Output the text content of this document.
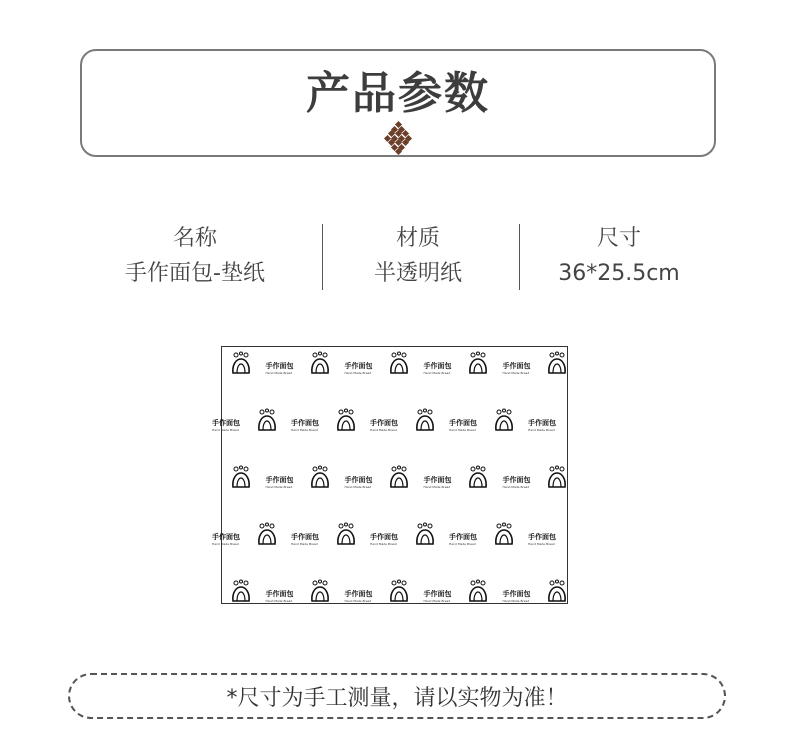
产品参数
名称
手作面包-垫纸
材质
半透明纸
尺寸
36*25.5cm
手作面包
Hand Made Bread
手作面包
Hand Made Bread
手作面包
Hand Made Bread
手作面包
Hand Made Bread
手作面包
Hand Made Bread
手作面包
Hand Made Bread
手作面包
Hand Made Bread
手作面包
Hand Made Bread
手作面包
Hand Made Bread
手作面包
Hand Made Bread
手作面包
Hand Made Bread
手作面包
Hand Made Bread
手作面包
Hand Made Bread
手作面包
Hand Made Bread
手作面包
Hand Made Bread
手作面包
Hand Made Bread
手作面包
Hand Made Bread
手作面包
Hand Made Bread
手作面包
Hand Made Bread
手作面包
Hand Made Bread
手作面包
Hand Made Bread
手作面包
Hand Made Bread
*尺寸为手工测量，请以实物为准！
